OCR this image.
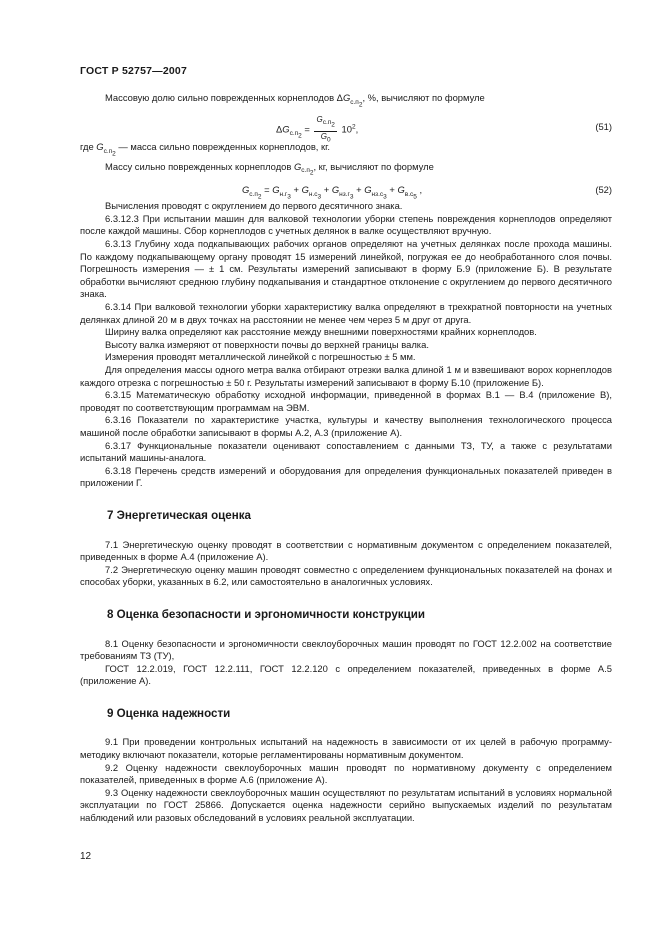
ГОСТ Р 52757—2007

Массовую долю сильно поврежденных корнеплодов $\Delta G_{с.п_2}$, %, вычисляют по формуле

$\Delta G_{с.п_2} = \frac{G_{с.п_2}}{G_0} 10^2$,	(51)

где $G_{с.п_2}$ — масса сильно поврежденных корнеплодов, кг.

Массу сильно поврежденных корнеплодов $G_{с.п_2}$, кг, вычисляют по формуле

$G_{с.п_2} = G_{н.г_3} + G_{н.с_3} + G_{нз.г_3} + G_{нз.с_3} + G_{в.с_5}$ ,	(52)

Вычисления проводят с округлением до первого десятичного знака.

6.3.12.3 При испытании машин для валковой технологии уборки степень повреждения корнеплодов определяют после каждой машины. Сбор корнеплодов с учетных делянок в валке осуществляют вручную.

6.3.13 Глубину хода подкапывающих рабочих органов определяют на учетных делянках после прохода машины. По каждому подкапывающему органу проводят 15 измерений линейкой, погружая ее до необработанного слоя почвы. Погрешность измерения — ± 1 см. Результаты измерений записывают в форму Б.9 (приложение Б). В результате обработки вычисляют среднюю глубину подкапывания и стандартное отклонение с округлением до первого десятичного знака.

6.3.14 При валковой технологии уборки характеристику валка определяют в трехкратной повторности на учетных делянках длиной 20 м в двух точках на расстоянии не менее чем через 5 м друг от друга.

Ширину валка определяют как расстояние между внешними поверхностями крайних корнеплодов.

Высоту валка измеряют от поверхности почвы до верхней границы валка.

Измерения проводят металлической линейкой с погрешностью ± 5 мм.

Для определения массы одного метра валка отбирают отрезки валка длиной 1 м и взвешивают ворох корнеплодов каждого отрезка с погрешностью ± 50 г. Результаты измерений записывают в форму Б.10 (приложение Б).

6.3.15 Математическую обработку исходной информации, приведенной в формах В.1 — В.4 (приложение В), проводят по соответствующим программам на ЭВМ.

6.3.16 Показатели по характеристике участка, культуры и качеству выполнения технологического процесса машиной после обработки записывают в формы А.2, А.3 (приложение А).

6.3.17 Функциональные показатели оценивают сопоставлением с данными ТЗ, ТУ, а также с результатами испытаний машины-аналога.

6.3.18 Перечень средств измерений и оборудования для определения функциональных показателей приведен в приложении Г.

7 Энергетическая оценка

7.1 Энергетическую оценку проводят в соответствии с нормативным документом с определением показателей, приведенных в форме А.4 (приложение А).

7.2 Энергетическую оценку машин проводят совместно с определением функциональных показателей на фонах и способах уборки, указанных в 6.2, или самостоятельно в аналогичных условиях.

8 Оценка безопасности и эргономичности конструкции

8.1 Оценку безопасности и эргономичности свеклоуборочных машин проводят по ГОСТ 12.2.002 на соответствие требованиям ТЗ (ТУ),

ГОСТ 12.2.019, ГОСТ 12.2.111, ГОСТ 12.2.120 с определением показателей, приведенных в форме А.5 (приложение А).

9 Оценка надежности

9.1 При проведении контрольных испытаний на надежность в зависимости от их целей в рабочую программу-методику включают показатели, которые регламентированы нормативным документом.

9.2 Оценку надежности свеклоуборочных машин проводят по нормативному документу с определением показателей, приведенных в форме А.6 (приложение А).

9.3 Оценку надежности свеклоуборочных машин осуществляют по результатам испытаний в условиях нормальной эксплуатации по ГОСТ 25866. Допускается оценка надежности серийно выпускаемых изделий по результатам наблюдений или разовых обследований в условиях реальной эксплуатации.

12
